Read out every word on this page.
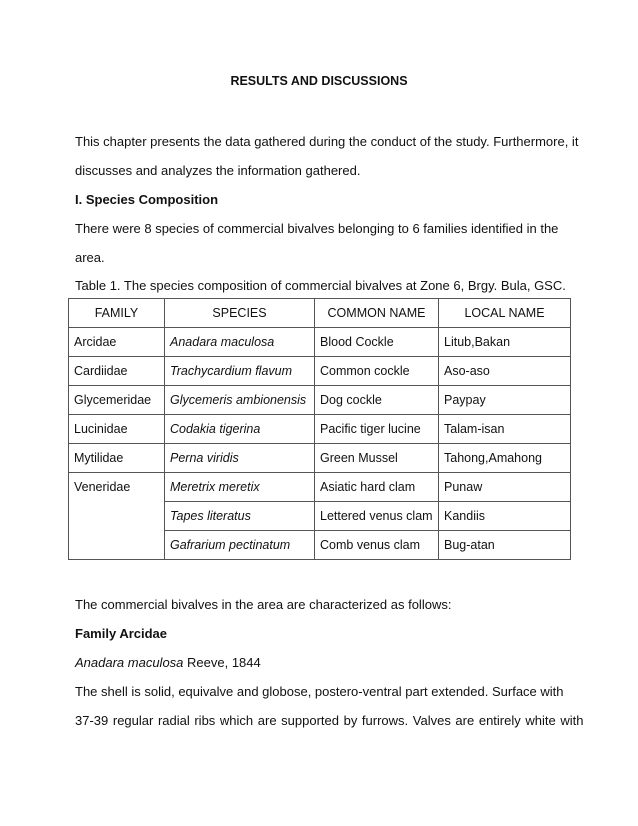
RESULTS AND DISCUSSIONS
This chapter presents the data gathered during the conduct of the study. Furthermore, it
discusses and analyzes the information gathered.
I. Species Composition
There were 8 species of commercial bivalves belonging to 6 families identified in the
area.
Table 1. The species composition of commercial bivalves at Zone 6, Brgy. Bula, GSC.
FAMILY	SPECIES	COMMON NAME	LOCAL NAME
Arcidae	Anadara maculosa	Blood Cockle	Litub,Bakan
Cardiidae	Trachycardium flavum	Common cockle	Aso-aso
Glycemeridae	Glycemeris ambionensis	Dog cockle	Paypay
Lucinidae	Codakia tigerina	Pacific tiger lucine	Talam-isan
Mytilidae	Perna viridis	Green Mussel	Tahong,Amahong
Veneridae	Meretrix meretix	Asiatic hard clam	Punaw
	Tapes literatus	Lettered venus clam	Kandiis
	Gafrarium pectinatum	Comb venus clam	Bug-atan
The commercial bivalves in the area are characterized as follows:
Family Arcidae
Anadara maculosa Reeve, 1844
The shell is solid, equivalve and globose, postero-ventral part extended. Surface with
37-39 regular radial ribs which are supported by furrows. Valves are entirely white with
